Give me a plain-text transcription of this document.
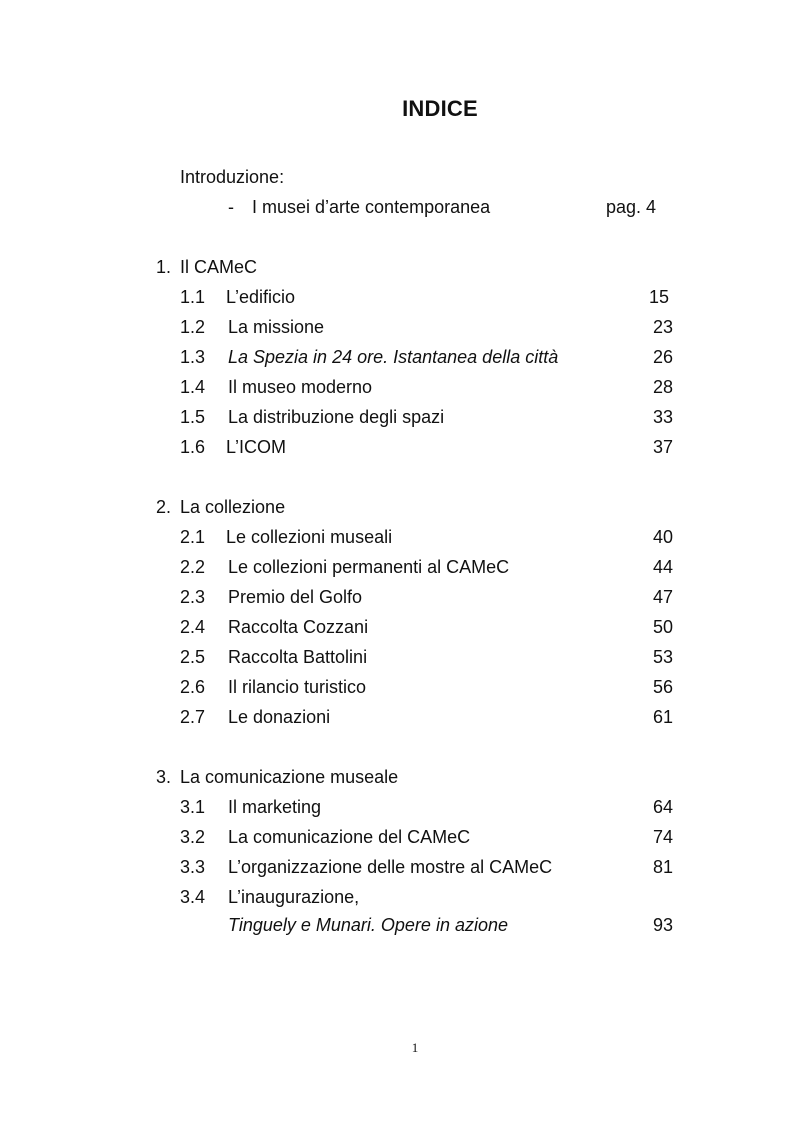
INDICE
Introduzione:
- I musei d’arte contemporanea	pag. 4
1. Il CAMeC
1.1 L’edificio	15
1.2 La missione	23
1.3 La Spezia in 24 ore. Istantanea della città	26
1.4 Il museo moderno	28
1.5 La distribuzione degli spazi	33
1.6 L’ICOM	37
2. La collezione
2.1 Le collezioni museali	40
2.2 Le collezioni permanenti al CAMeC	44
2.3 Premio del Golfo	47
2.4 Raccolta Cozzani	50
2.5 Raccolta Battolini	53
2.6 Il rilancio turistico	56
2.7 Le donazioni	61
3. La comunicazione museale
3.1 Il marketing	64
3.2 La comunicazione del CAMeC	74
3.3 L’organizzazione delle mostre al CAMeC	81
3.4 L’inaugurazione,
Tinguely e Munari. Opere in azione	93
1
